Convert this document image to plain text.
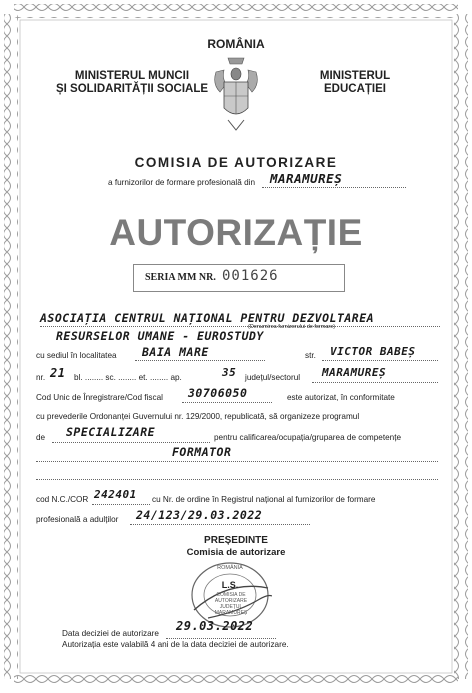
ROMÂNIA
MINISTERUL MUNCII
ȘI SOLIDARITĂȚII SOCIALE
MINISTERUL
EDUCAȚIEI
COMISIA DE AUTORIZARE
a furnizorilor de formare profesională din MARAMUREȘ
AUTORIZAȚIE
SERIA MM NR. 001626
ASOCIAȚIA CENTRUL NAȚIONAL PENTRU DEZVOLTAREA
RESURSELOR UMANE - EUROSTUDY
(Denumirea furnizorului de formare)
cu sediul în localitatea BAIA MARE	str. VICTOR BABEȘ
nr. 21 bl. ........ sc. ........ et. ........ ap.	35 județul/sectorul MARAMUREȘ
Cod Unic de Înregistrare/Cod fiscal 30706050	este autorizat, în conformitate
cu prevederile Ordonanței Guvernului nr. 129/2000, republicată, să organizeze programul
de SPECIALIZARE	pentru calificarea/ocupația/gruparea de competențe
FORMATOR
cod N.C./COR 242401 cu Nr. de ordine în Registrul național al furnizorilor de formare
profesională a adulților 24/123/29.03.2022
PREȘEDINTE
Comisia de autorizare
ROMÂNIA
L.S.
COMISIA DE AUTORIZARE JUDEȚUL MARAMUREȘ
Data deciziei de autorizare
29.03.2022
Autorizația este valabilă 4 ani de la data deciziei de autorizare.
